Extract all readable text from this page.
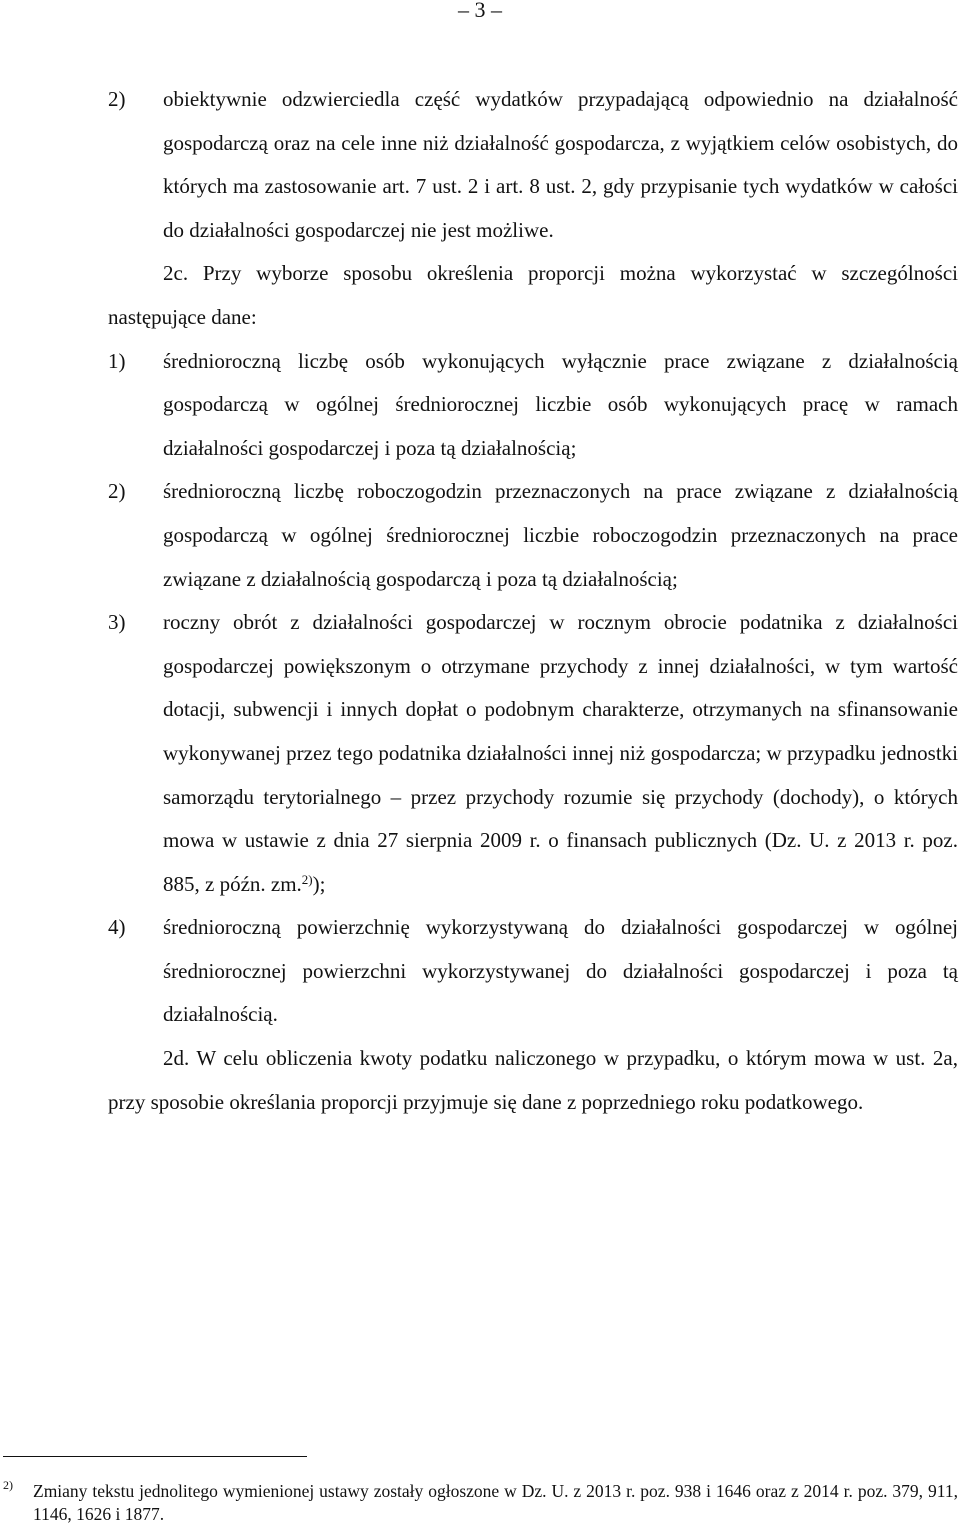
– 3 –
2)	obiektywnie odzwierciedla część wydatków przypadającą odpowiednio na działalność gospodarczą oraz na cele inne niż działalność gospodarcza, z wyjątkiem celów osobistych, do których ma zastosowanie art. 7 ust. 2 i art. 8 ust. 2, gdy przypisanie tych wydatków w całości do działalności gospodarczej nie jest możliwe.
2c. Przy wyborze sposobu określenia proporcji można wykorzystać w szczególności następujące dane:
1)	średnioroczną liczbę osób wykonujących wyłącznie prace związane z działalnością gospodarczą w ogólnej średniorocznej liczbie osób wykonujących pracę w ramach działalności gospodarczej i poza tą działalnością;
2)	średnioroczną liczbę roboczogodzin przeznaczonych na prace związane z działalnością gospodarczą w ogólnej średniorocznej liczbie roboczogodzin przeznaczonych na prace związane z działalnością gospodarczą i poza tą działalnością;
3)	roczny obrót z działalności gospodarczej w rocznym obrocie podatnika z działalności gospodarczej powiększonym o otrzymane przychody z innej działalności, w tym wartość dotacji, subwencji i innych dopłat o podobnym charakterze, otrzymanych na sfinansowanie wykonywanej przez tego podatnika działalności innej niż gospodarcza; w przypadku jednostki samorządu terytorialnego – przez przychody rozumie się przychody (dochody), o których mowa w ustawie z dnia 27 sierpnia 2009 r. o finansach publicznych (Dz. U. z 2013 r. poz. 885, z późn. zm.$^{2)}$);
4)	średnioroczną powierzchnię wykorzystywaną do działalności gospodarczej w ogólnej średniorocznej powierzchni wykorzystywanej do działalności gospodarczej i poza tą działalnością.
2d. W celu obliczenia kwoty podatku naliczonego w przypadku, o którym mowa w ust. 2a, przy sposobie określania proporcji przyjmuje się dane z poprzedniego roku podatkowego.
2)	Zmiany tekstu jednolitego wymienionej ustawy zostały ogłoszone w Dz. U. z 2013 r. poz. 938 i 1646 oraz z 2014 r. poz. 379, 911, 1146, 1626 i 1877.
